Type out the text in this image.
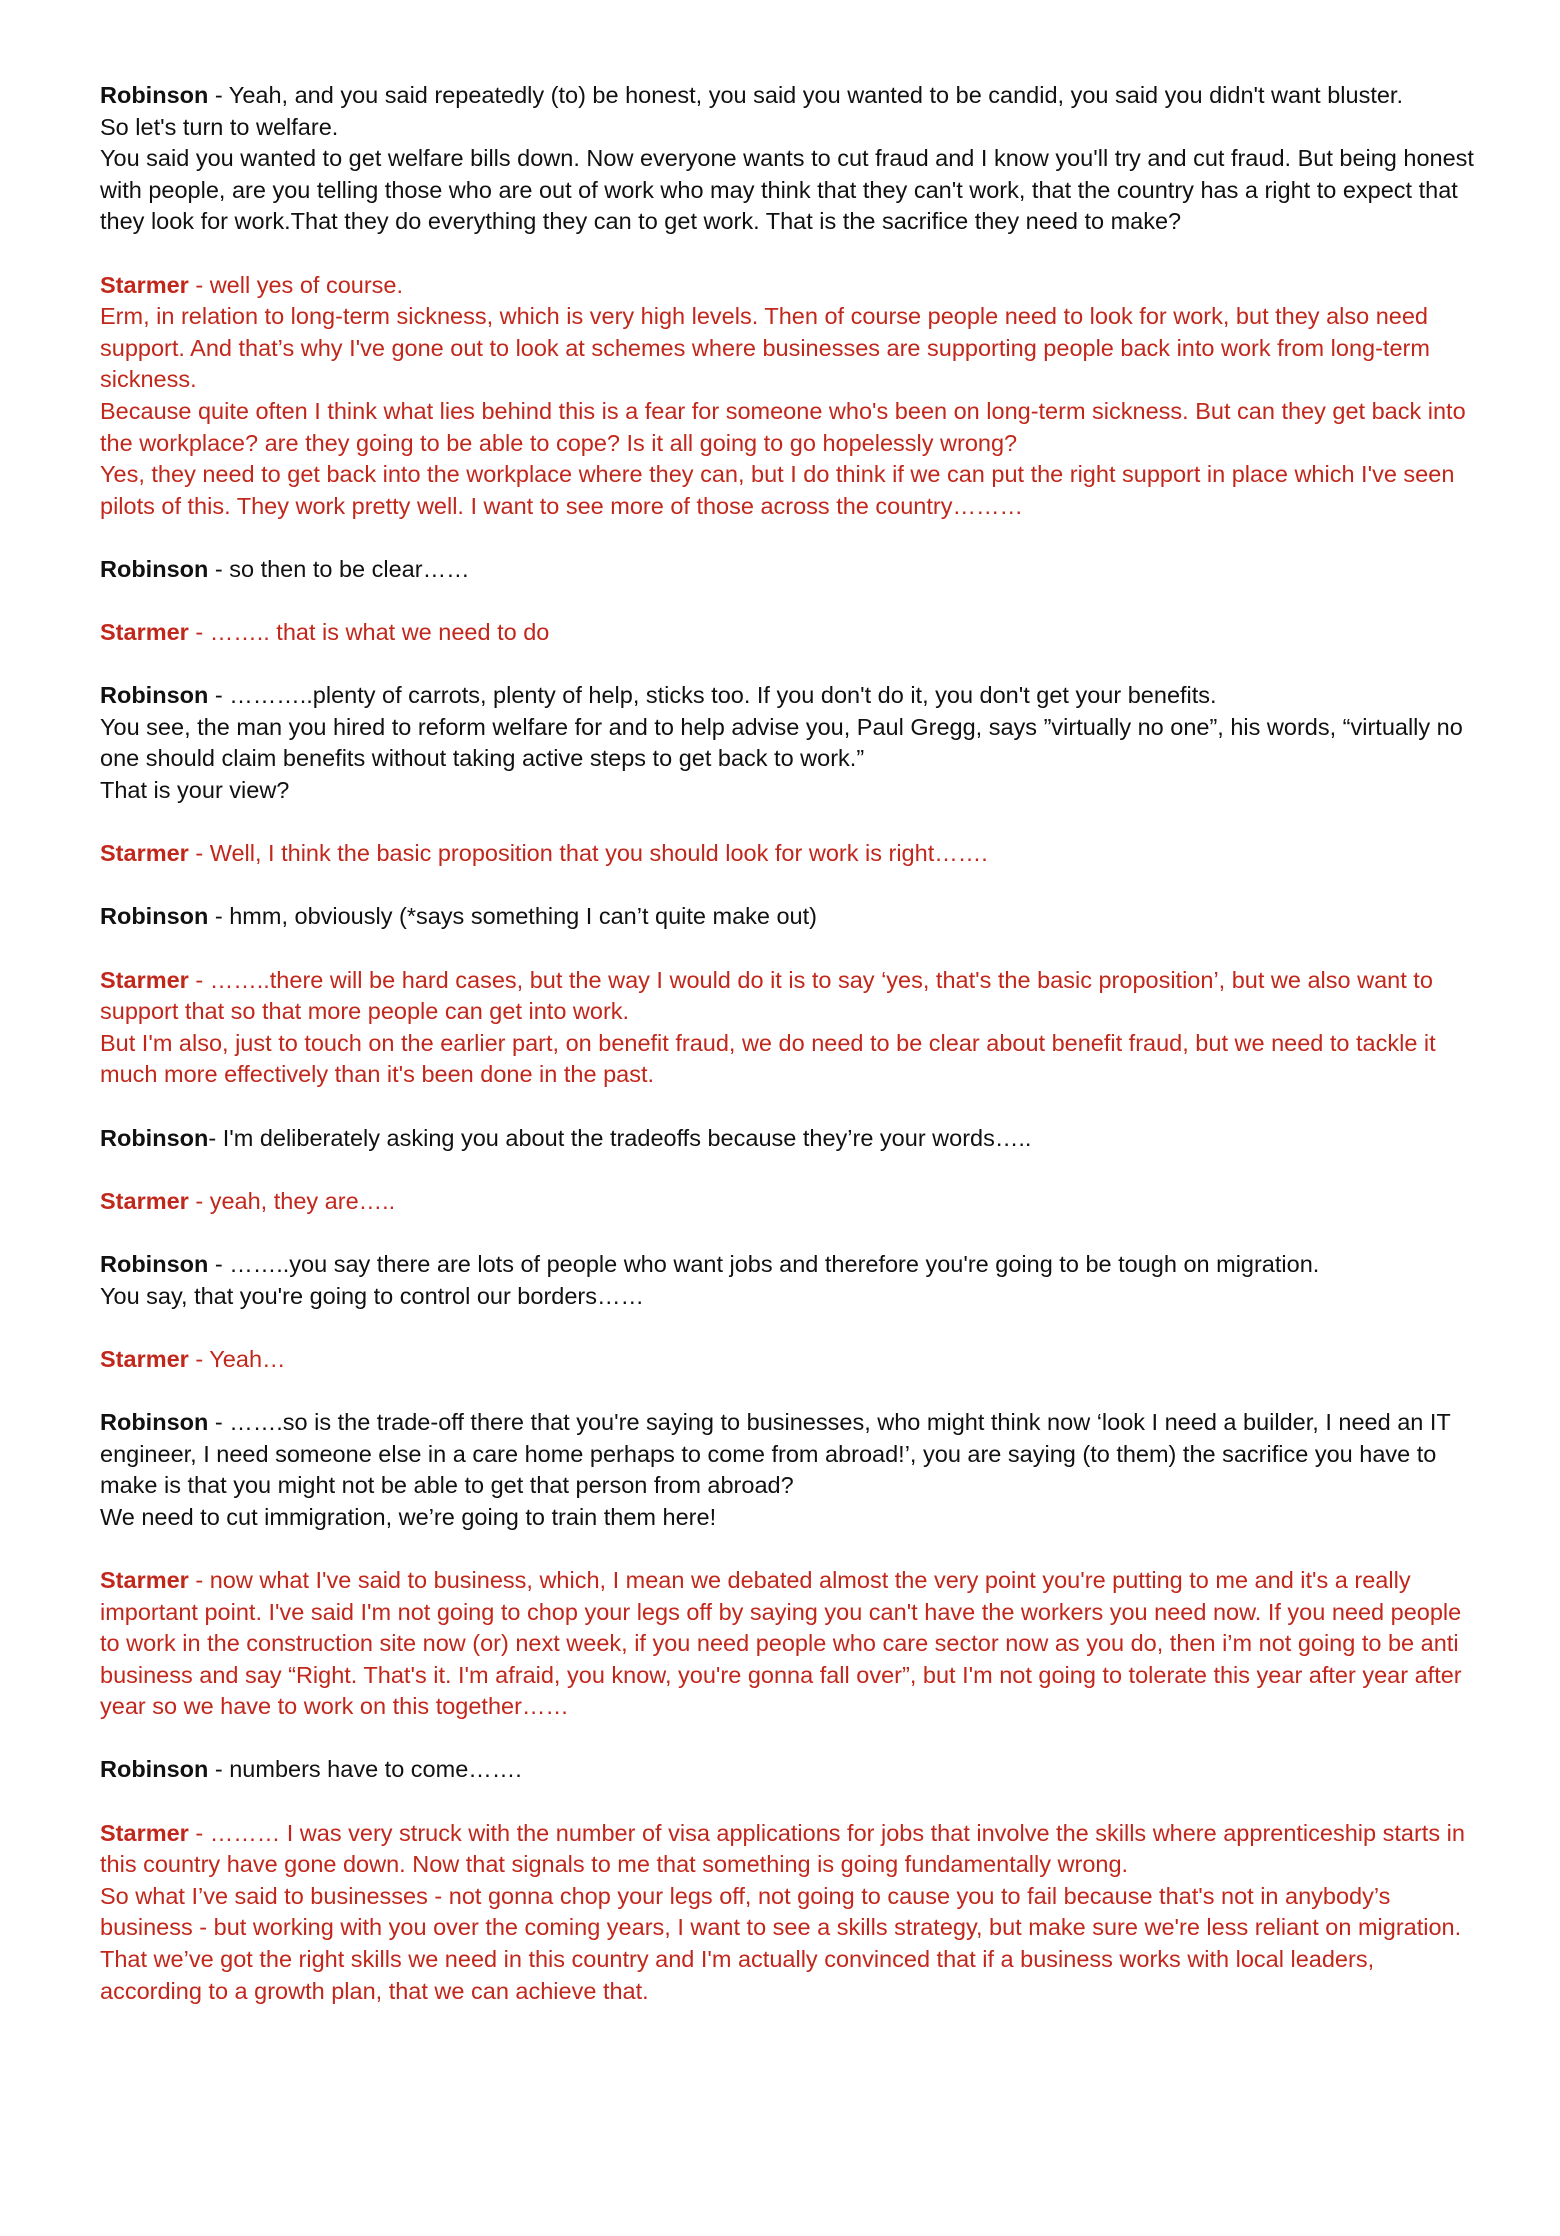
Robinson - Yeah, and you said repeatedly (to) be honest, you said you wanted to be candid, you said you didn't want bluster.

So let's turn to welfare.

You said you wanted to get welfare bills down. Now everyone wants to cut fraud and I know you'll try and cut fraud. But being honest with people, are you telling those who are out of work who may think that they can't work, that the country has a right to expect that they look for work.That they do everything they can to get work. That is the sacrifice they need to make?

Starmer - well yes of course.

Erm, in relation to long-term sickness, which is very high levels. Then of course people need to look for work, but they also need support. And that’s why I've gone out to look at schemes where businesses are supporting people back into work from long-term sickness.

Because quite often I think what lies behind this is a fear for someone who's been on long-term sickness. But can they get back into the workplace? are they going to be able to cope? Is it all going to go hopelessly wrong?

Yes, they need to get back into the workplace where they can, but I do think if we can put the right support in place which I've seen pilots of this. They work pretty well. I want to see more of those across the country………

Robinson - so then to be clear……

Starmer - …….. that is what we need to do

Robinson - ………..plenty of carrots, plenty of help, sticks too. If you don't do it, you don't get your benefits.

You see, the man you hired to reform welfare for and to help advise you, Paul Gregg, says ”virtually no one”, his words, “virtually no one should claim benefits without taking active steps to get back to work.”

That is your view?

Starmer - Well, I think the basic proposition that you should look for work is right…….

Robinson - hmm, obviously (*says something I can’t quite make out)

Starmer - ……..there will be hard cases, but the way I would do it is to say ‘yes, that's the basic proposition’, but we also want to support that so that more people can get into work.

But I'm also, just to touch on the earlier part, on benefit fraud, we do need to be clear about benefit fraud, but we need to tackle it much more effectively than it's been done in the past.

Robinson- I'm deliberately asking you about the tradeoffs because they’re your words…..

Starmer - yeah, they are…..

Robinson - ……..you say there are lots of people who want jobs and therefore you're going to be tough on migration.

You say, that you're going to control our borders……

Starmer - Yeah…

Robinson - …….so is the trade-off there that you're saying to businesses, who might think now ‘look I need a builder, I need an IT engineer, I need someone else in a care home perhaps to come from abroad!’, you are saying (to them) the sacrifice you have to make is that you might not be able to get that person from abroad?

We need to cut immigration, we’re going to train them here!

Starmer - now what I've said to business, which, I mean we debated almost the very point you're putting to me and it's a really important point. I've said I'm not going to chop your legs off by saying you can't have the workers you need now. If you need people to work in the construction site now (or) next week, if you need people who care sector now as you do, then i’m not going to be anti business and say “Right. That's it. I'm afraid, you know, you're gonna fall over”, but I'm not going to tolerate this year after year after year so we have to work on this together……

Robinson - numbers have to come…….

Starmer - ……… I was very struck with the number of visa applications for jobs that involve the skills where apprenticeship starts in this country have gone down. Now that signals to me that something is going fundamentally wrong.

So what I’ve said to businesses - not gonna chop your legs off, not going to cause you to fail because that's not in anybody’s business - but working with you over the coming years, I want to see a skills strategy, but make sure we're less reliant on migration. That we’ve got the right skills we need in this country and I'm actually convinced that if a business works with local leaders, according to a growth plan, that we can achieve that.
